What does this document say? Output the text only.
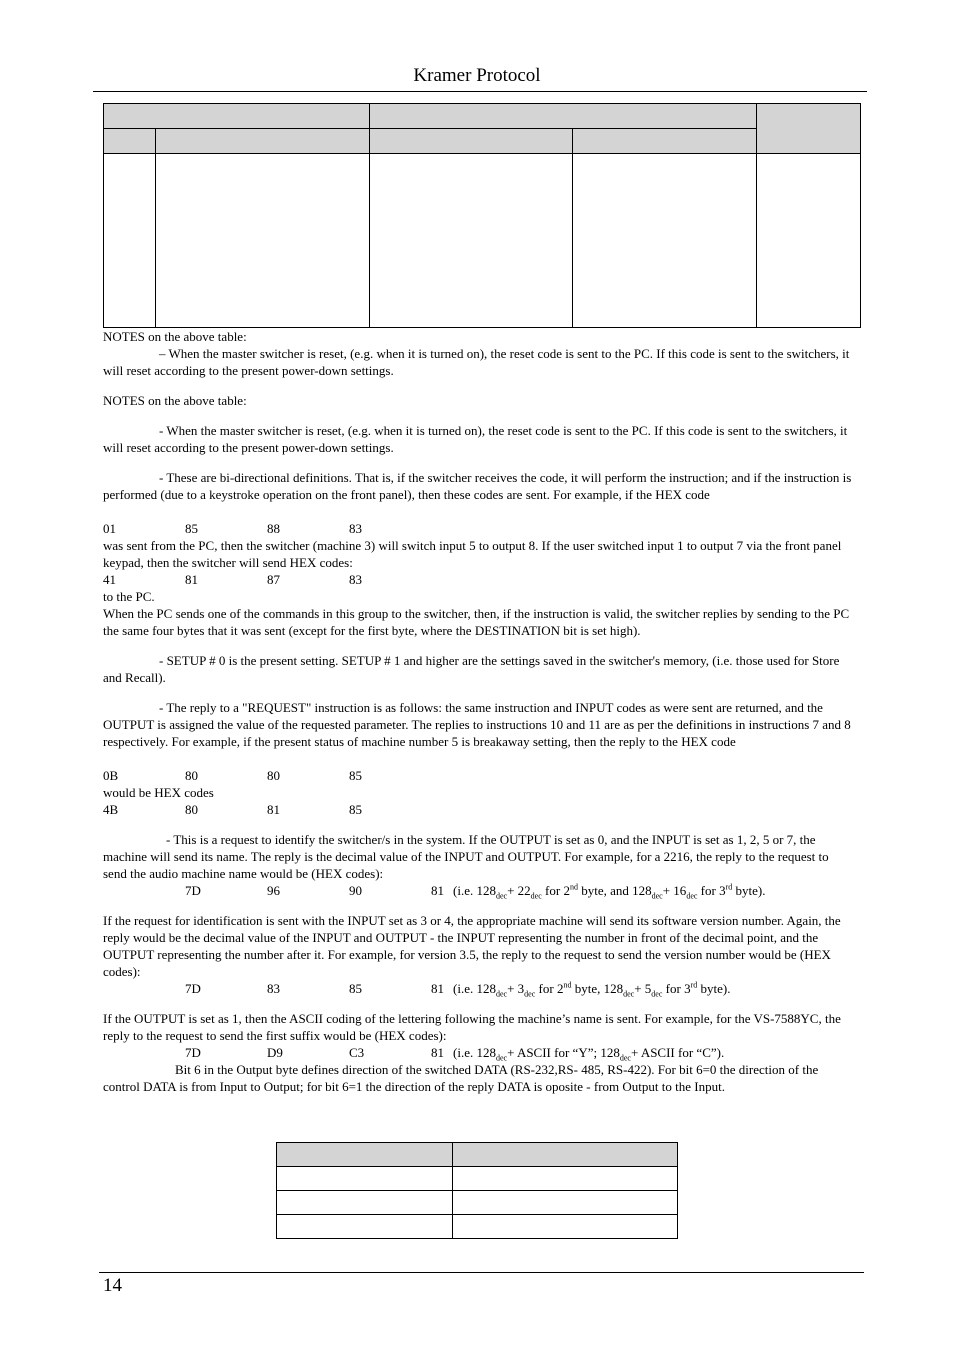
Kramer Protocol

NOTES on the above table:

– When the master switcher is reset, (e.g. when it is turned on), the reset code is sent to the PC. If this code is sent to the switchers, it will reset according to the present power-down settings.

NOTES on the above table:

- When the master switcher is reset, (e.g. when it is turned on), the reset code is sent to the PC. If this code is sent to the switchers, it will reset according to the present power-down settings.

- These are bi-directional definitions. That is, if the switcher receives the code, it will perform the instruction; and if the instruction is performed (due to a keystroke operation on the front panel), then these codes are sent. For example, if the HEX code

01	85	88	83

was sent from the PC, then the switcher (machine 3) will switch input 5 to output 8. If the user switched input 1 to output 7 via the front panel keypad, then the switcher will send HEX codes:

41	81	87	83
to the PC.

When the PC sends one of the commands in this group to the switcher, then, if the instruction is valid, the switcher replies by sending to the PC the same four bytes that it was sent (except for the first byte, where the DESTINATION bit is set high).

- SETUP # 0 is the present setting. SETUP # 1 and higher are the settings saved in the switcher's memory, (i.e. those used for Store and Recall).

- The reply to a "REQUEST" instruction is as follows: the same instruction and INPUT codes as were sent are returned, and the OUTPUT is assigned the value of the requested parameter. The replies to instructions 10 and 11 are as per the definitions in instructions 7 and 8 respectively. For example, if the present status of machine number 5 is breakaway setting, then the reply to the HEX code

0B	80	80	85
would be HEX codes
4B	80	81	85

- This is a request to identify the switcher/s in the system. If the OUTPUT is set as 0, and the INPUT is set as 1, 2, 5 or 7, the machine will send its name. The reply is the decimal value of the INPUT and OUTPUT. For example, for a 2216, the reply to the request to send the audio machine name would be (HEX codes):

7D	96	90	81 (i.e. $128_{dec}+ 22_{dec}$ for 2nd byte, and $128_{dec}+ 16_{dec}$ for 3rd byte).

If the request for identification is sent with the INPUT set as 3 or 4, the appropriate machine will send its software version number. Again, the reply would be the decimal value of the INPUT and OUTPUT - the INPUT representing the number in front of the decimal point, and the OUTPUT representing the number after it. For example, for version 3.5, the reply to the request to send the version number would be (HEX codes):

7D	83	85	81 (i.e. $128_{dec}+ 3_{dec}$ for 2nd byte, $128_{dec}+ 5_{dec}$ for 3rd byte).

If the OUTPUT is set as 1, then the ASCII coding of the lettering following the machine’s name is sent. For example, for the VS-7588YC, the reply to the request to send the first suffix would be (HEX codes):

7D	D9	C3	81 (i.e. $128_{dec}+$ ASCII for “Y”; $128_{dec}+$ ASCII for “C”).

Bit 6 in the Output byte defines direction of the switched DATA (RS-232,RS- 485, RS-422). For bit 6=0 the direction of the control DATA is from Input to Output; for bit 6=1 the direction of the reply DATA is oposite - from Output to the Input.

14
